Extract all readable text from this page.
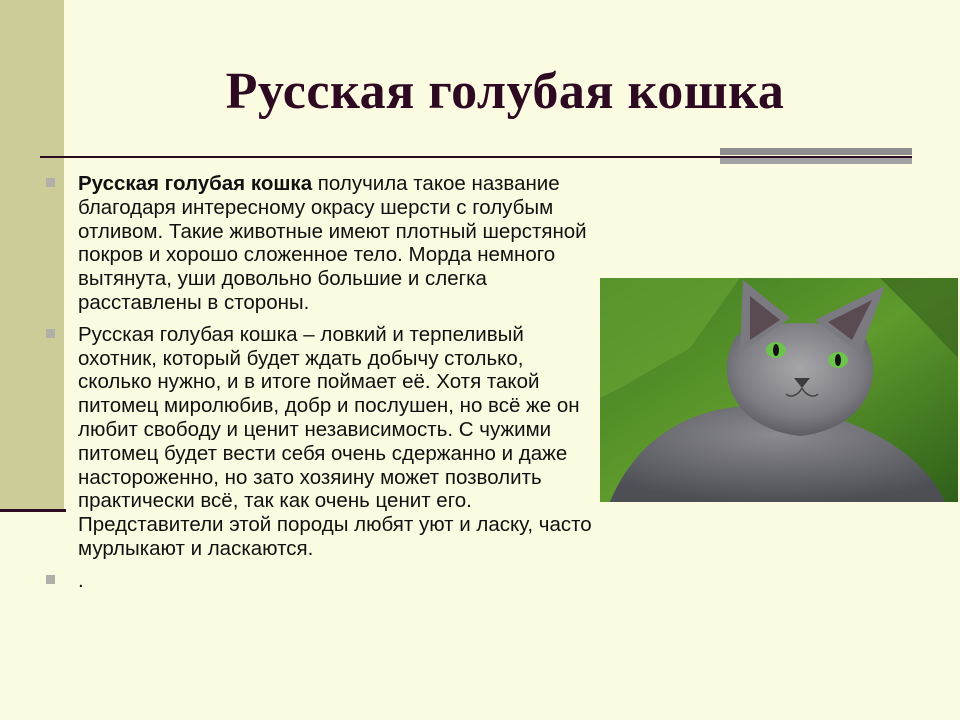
Русская голубая кошка
Русская голубая кошка получила такое название благодаря интересному окрасу шерсти с голубым отливом. Такие животные имеют плотный шерстяной покров и хорошо сложенное тело. Морда немного вытянута, уши довольно большие и слегка расставлены в стороны.
Русская голубая кошка – ловкий и терпеливый охотник, который будет ждать добычу столько, сколько нужно, и в итоге поймает её. Хотя такой питомец миролюбив, добр и послушен, но всё же он любит свободу и ценит независимость. С чужими питомец будет вести себя очень сдержанно и даже настороженно, но зато хозяину может позволить практически всё, так как очень ценит его. Представители этой породы любят уют и ласку, часто мурлыкают и ласкаются.
.
